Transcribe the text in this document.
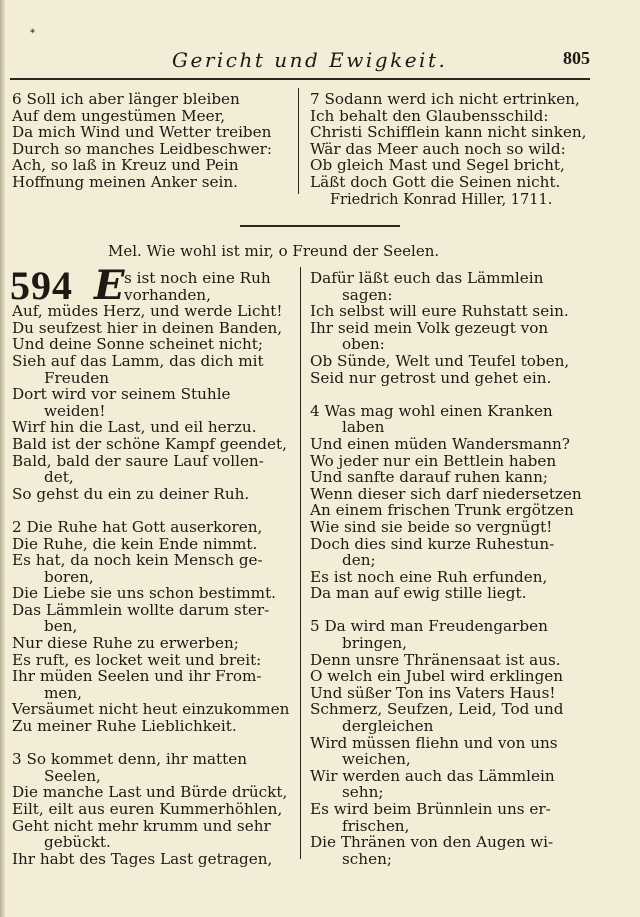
*
Gericht und Ewigkeit.	805
6 Soll ich aber länger bleiben
Auf dem ungestümen Meer,
Da mich Wind und Wetter treiben
Durch so manches Leidbeschwer:
Ach, so laß in Kreuz und Pein
Hoffnung meinen Anker sein.
7 Sodann werd ich nicht ertrinken,
Ich behalt den Glaubensschild:
Christi Schifflein kann nicht sinken,
Wär das Meer auch noch so wild:
Ob gleich Mast und Segel bricht,
Läßt doch Gott die Seinen nicht.
Friedrich Konrad Hiller, 1711.
Mel. Wie wohl ist mir, o Freund der Seelen.
594 E s ist noch eine Ruh
vorhanden,
Auf, müdes Herz, und werde Licht!
Du seufzest hier in deinen Banden,
Und deine Sonne scheinet nicht;
Sieh auf das Lamm, das dich mit
Freuden
Dort wird vor seinem Stuhle
weiden!
Wirf hin die Last, und eil herzu.
Bald ist der schöne Kampf geendet,
Bald, bald der saure Lauf vollen-
det,
So gehst du ein zu deiner Ruh.
2 Die Ruhe hat Gott auserkoren,
Die Ruhe, die kein Ende nimmt.
Es hat, da noch kein Mensch ge-
boren,
Die Liebe sie uns schon bestimmt.
Das Lämmlein wollte darum ster-
ben,
Nur diese Ruhe zu erwerben;
Es ruft, es locket weit und breit:
Ihr müden Seelen und ihr From-
men,
Versäumet nicht heut einzukommen
Zu meiner Ruhe Lieblichkeit.
3 So kommet denn, ihr matten
Seelen,
Die manche Last und Bürde drückt,
Eilt, eilt aus euren Kummerhöhlen,
Geht nicht mehr krumm und sehr
gebückt.
Ihr habt des Tages Last getragen,
Dafür läßt euch das Lämmlein
sagen:
Ich selbst will eure Ruhstatt sein.
Ihr seid mein Volk gezeugt von
oben:
Ob Sünde, Welt und Teufel toben,
Seid nur getrost und gehet ein.
4 Was mag wohl einen Kranken
laben
Und einen müden Wandersmann?
Wo jeder nur ein Bettlein haben
Und sanfte darauf ruhen kann;
Wenn dieser sich darf niedersetzen
An einem frischen Trunk ergötzen
Wie sind sie beide so vergnügt!
Doch dies sind kurze Ruhestun-
den;
Es ist noch eine Ruh erfunden,
Da man auf ewig stille liegt.
5 Da wird man Freudengarben
bringen,
Denn unsre Thränensaat ist aus.
O welch ein Jubel wird erklingen
Und süßer Ton ins Vaters Haus!
Schmerz, Seufzen, Leid, Tod und
dergleichen
Wird müssen fliehn und von uns
weichen,
Wir werden auch das Lämmlein
sehn;
Es wird beim Brünnlein uns er-
frischen,
Die Thränen von den Augen wi-
schen;
